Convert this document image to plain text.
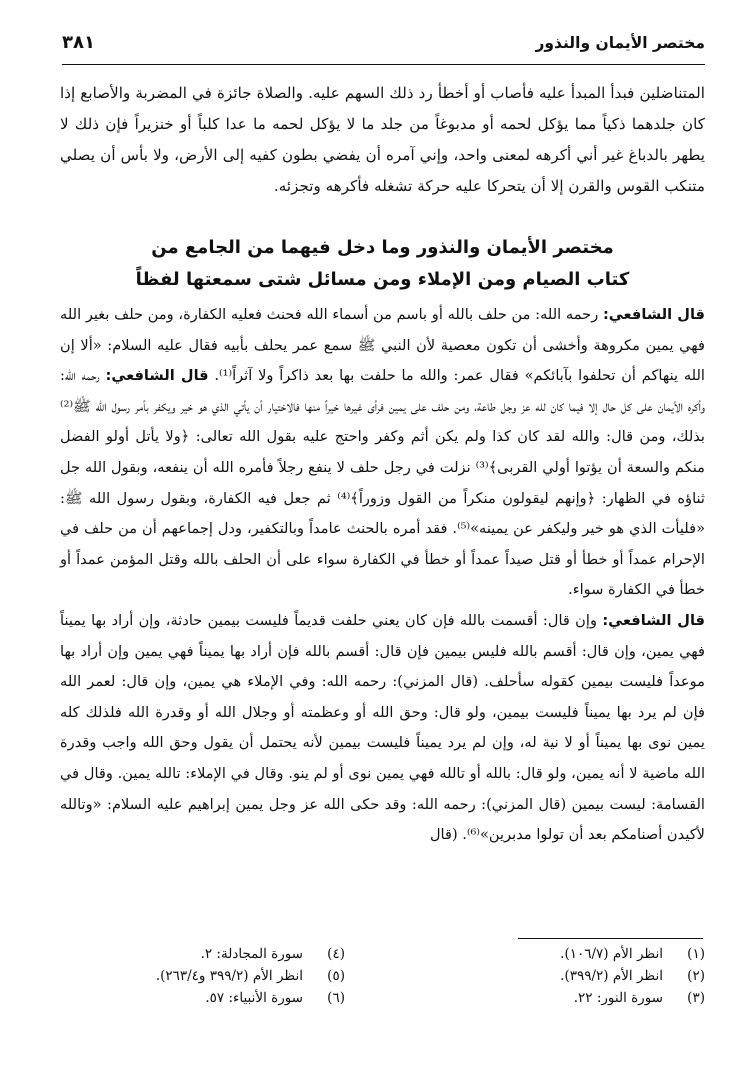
مختصر الأيمان والنذور
٣٨١

المتناضلين فبدأ المبدأ عليه فأصاب أو أخطأ رد ذلك السهم عليه. والصلاة جائزة في المضربة والأصابع إذا كان جلدهما ذكياً مما يؤكل لحمه أو مدبوغاً من جلد ما لا يؤكل لحمه ما عدا كلباً أو خنزيراً فإن ذلك لا يطهر بالدباغ غير أني أكرهه لمعنى واحد، وإني آمره أن يفضي بطون كفيه إلى الأرض، ولا بأس أن يصلي متنكب القوس والقرن إلا أن يتحركا عليه حركة تشغله فأكرهه وتجزئه.

مختصر الأيمان والنذور وما دخل فيهما من الجامع من
كتاب الصيام ومن الإملاء ومن مسائل شتى سمعتها لفظاً

قال الشافعي: رحمه الله: من حلف بالله أو باسم من أسماء الله فحنث فعليه الكفارة، ومن حلف بغير الله فهي يمين مكروهة وأخشى أن تكون معصية لأن النبي ﷺ سمع عمر يحلف بأبيه فقال عليه السلام: «ألا إن الله ينهاكم أن تحلفوا بآبائكم» فقال عمر: والله ما حلفت بها بعد ذاكراً ولا آثراً⁽¹⁾. قال الشافعي: رحمه الله: وأكره الأيمان على كل حال إلا فيما كان لله عز وجل طاعة، ومن حلف على يمين فرأى غيرها خيراً منها فالاختيار أن يأتي الذي هو خير ويكفر بأمر رسول الله ﷺ⁽²⁾ بذلك، ومن قال: والله لقد كان كذا ولم يكن أثم وكفر واحتج عليه بقول الله تعالى: ﴿ولا يأتل أولو الفضل منكم والسعة أن يؤتوا أولي القربى﴾⁽³⁾ نزلت في رجل حلف لا ينفع رجلاً فأمره الله أن ينفعه، وبقول الله جل ثناؤه في الظهار: ﴿وإنهم ليقولون منكراً من القول وزوراً﴾⁽⁴⁾ ثم جعل فيه الكفارة، وبقول رسول الله ﷺ: «فليأت الذي هو خير وليكفر عن يمينه»⁽⁵⁾. فقد أمره بالحنث عامداً وبالتكفير، ودل إجماعهم أن من حلف في الإحرام عمداً أو خطأ أو قتل صيداً عمداً أو خطأ في الكفارة سواء على أن الحلف بالله وقتل المؤمن عمداً أو خطأ في الكفارة سواء.

قال الشافعي: وإن قال: أقسمت بالله فإن كان يعني حلفت قديماً فليست بيمين حادثة، وإن أراد بها يميناً فهي يمين، وإن قال: أقسم بالله فليس بيمين فإن قال: أقسم بالله فإن أراد بها يميناً فهي يمين وإن أراد بها موعداً فليست بيمين كقوله سأحلف. (قال المزني): رحمه الله: وفي الإملاء هي يمين، وإن قال: لعمر الله فإن لم يرد بها يميناً فليست بيمين، ولو قال: وحق الله أو وعظمته أو وجلال الله أو وقدرة الله فلذلك كله يمين نوى بها يميناً أو لا نية له، وإن لم يرد يميناً فليست بيمين لأنه يحتمل أن يقول وحق الله واجب وقدرة الله ماضية لا أنه يمين، ولو قال: بالله أو تالله فهي يمين نوى أو لم ينو. وقال في الإملاء: تالله يمين. وقال في القسامة: ليست بيمين (قال المزني): رحمه الله: وقد حكى الله عز وجل يمين إبراهيم عليه السلام: «وتالله لأكيدن أصنامكم بعد أن تولوا مدبرين»⁽⁶⁾. (قال

(١)انظر الأم (١٠٦/٧).
(٢)انظر الأم (٣٩٩/٢).
(٣)سورة النور: ٢٢.
(٤)سورة المجادلة: ٢.
(٥)انظر الأم (٣٩٩/٢ و٢٦٣/٤).
(٦)سورة الأنبياء: ٥٧.
